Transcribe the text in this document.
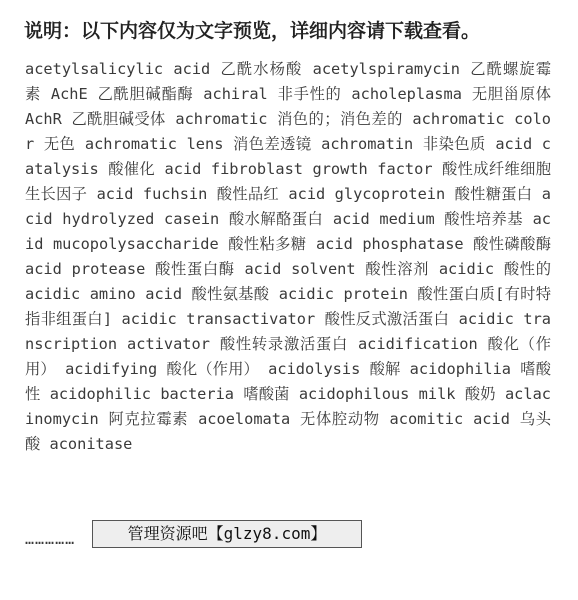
说明：以下内容仅为文字预览，详细内容请下载查看。

acetylsalicylic acid 乙酰水杨酸 acetylspiramycin 乙酰螺旋霉素 AchE 乙酰胆碱酯酶 achiral 非手性的 acholeplasma 无胆甾原体 AchR 乙酰胆碱受体 achromatic 消色的；消色差的 achromatic color 无色 achromatic lens 消色差透镜 achromatin 非染色质 acid catalysis 酸催化 acid fibroblast growth factor 酸性成纤维细胞生长因子 acid fuchsin 酸性品红 acid glycoprotein 酸性糖蛋白 acid hydrolyzed casein 酸水解酪蛋白 acid medium 酸性培养基 acid mucopolysaccharide 酸性粘多糖 acid phosphatase 酸性磷酸酶 acid protease 酸性蛋白酶 acid solvent 酸性溶剂 acidic 酸性的 acidic amino acid 酸性氨基酸 acidic protein 酸性蛋白质[有时特指非组蛋白] acidic transactivator 酸性反式激活蛋白 acidic transcription activator 酸性转录激活蛋白 acidification 酸化（作用） acidifying 酸化（作用） acidolysis 酸解 acidophilia 嗜酸性 acidophilic bacteria 嗜酸菌 acidophilous milk 酸奶 aclacinomycin 阿克拉霉素 acoelomata 无体腔动物 acomitic acid 乌头酸 aconitase

……………	管理资源吧【glzy8.com】
